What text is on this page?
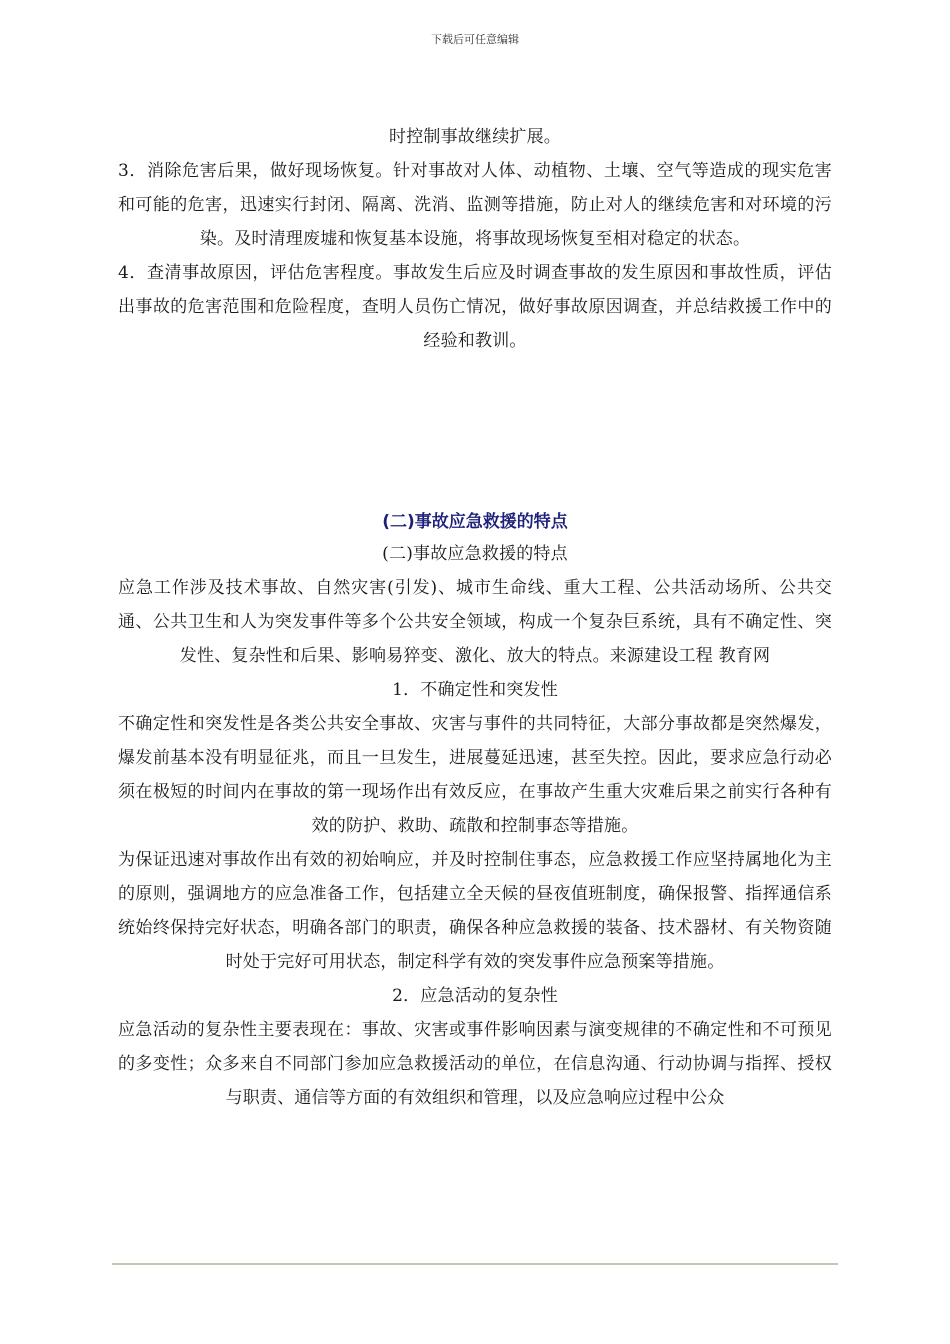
下载后可任意编辑
时控制事故继续扩展。
3．消除危害后果，做好现场恢复。针对事故对人体、动植物、土壤、空气等造成的现实危害和可能的危害，迅速实行封闭、隔离、洗消、监测等措施，防止对人的继续危害和对环境的污染。及时清理废墟和恢复基本设施，将事故现场恢复至相对稳定的状态。
4．查清事故原因，评估危害程度。事故发生后应及时调查事故的发生原因和事故性质，评估出事故的危害范围和危险程度，查明人员伤亡情况，做好事故原因调查，并总结救援工作中的经验和教训。
(二)事故应急救援的特点
(二)事故应急救援的特点
应急工作涉及技术事故、自然灾害(引发)、城市生命线、重大工程、公共活动场所、公共交通、公共卫生和人为突发事件等多个公共安全领域，构成一个复杂巨系统，具有不确定性、突发性、复杂性和后果、影响易猝变、激化、放大的特点。来源建设工程 教育网
1．不确定性和突发性
不确定性和突发性是各类公共安全事故、灾害与事件的共同特征，大部分事故都是突然爆发，爆发前基本没有明显征兆，而且一旦发生，进展蔓延迅速，甚至失控。因此，要求应急行动必须在极短的时间内在事故的第一现场作出有效反应，在事故产生重大灾难后果之前实行各种有效的防护、救助、疏散和控制事态等措施。
为保证迅速对事故作出有效的初始响应，并及时控制住事态，应急救援工作应坚持属地化为主的原则，强调地方的应急准备工作，包括建立全天候的昼夜值班制度，确保报警、指挥通信系统始终保持完好状态，明确各部门的职责，确保各种应急救援的装备、技术器材、有关物资随时处于完好可用状态，制定科学有效的突发事件应急预案等措施。
2．应急活动的复杂性
应急活动的复杂性主要表现在：事故、灾害或事件影响因素与演变规律的不确定性和不可预见的多变性；众多来自不同部门参加应急救援活动的单位，在信息沟通、行动协调与指挥、授权与职责、通信等方面的有效组织和管理，以及应急响应过程中公众
